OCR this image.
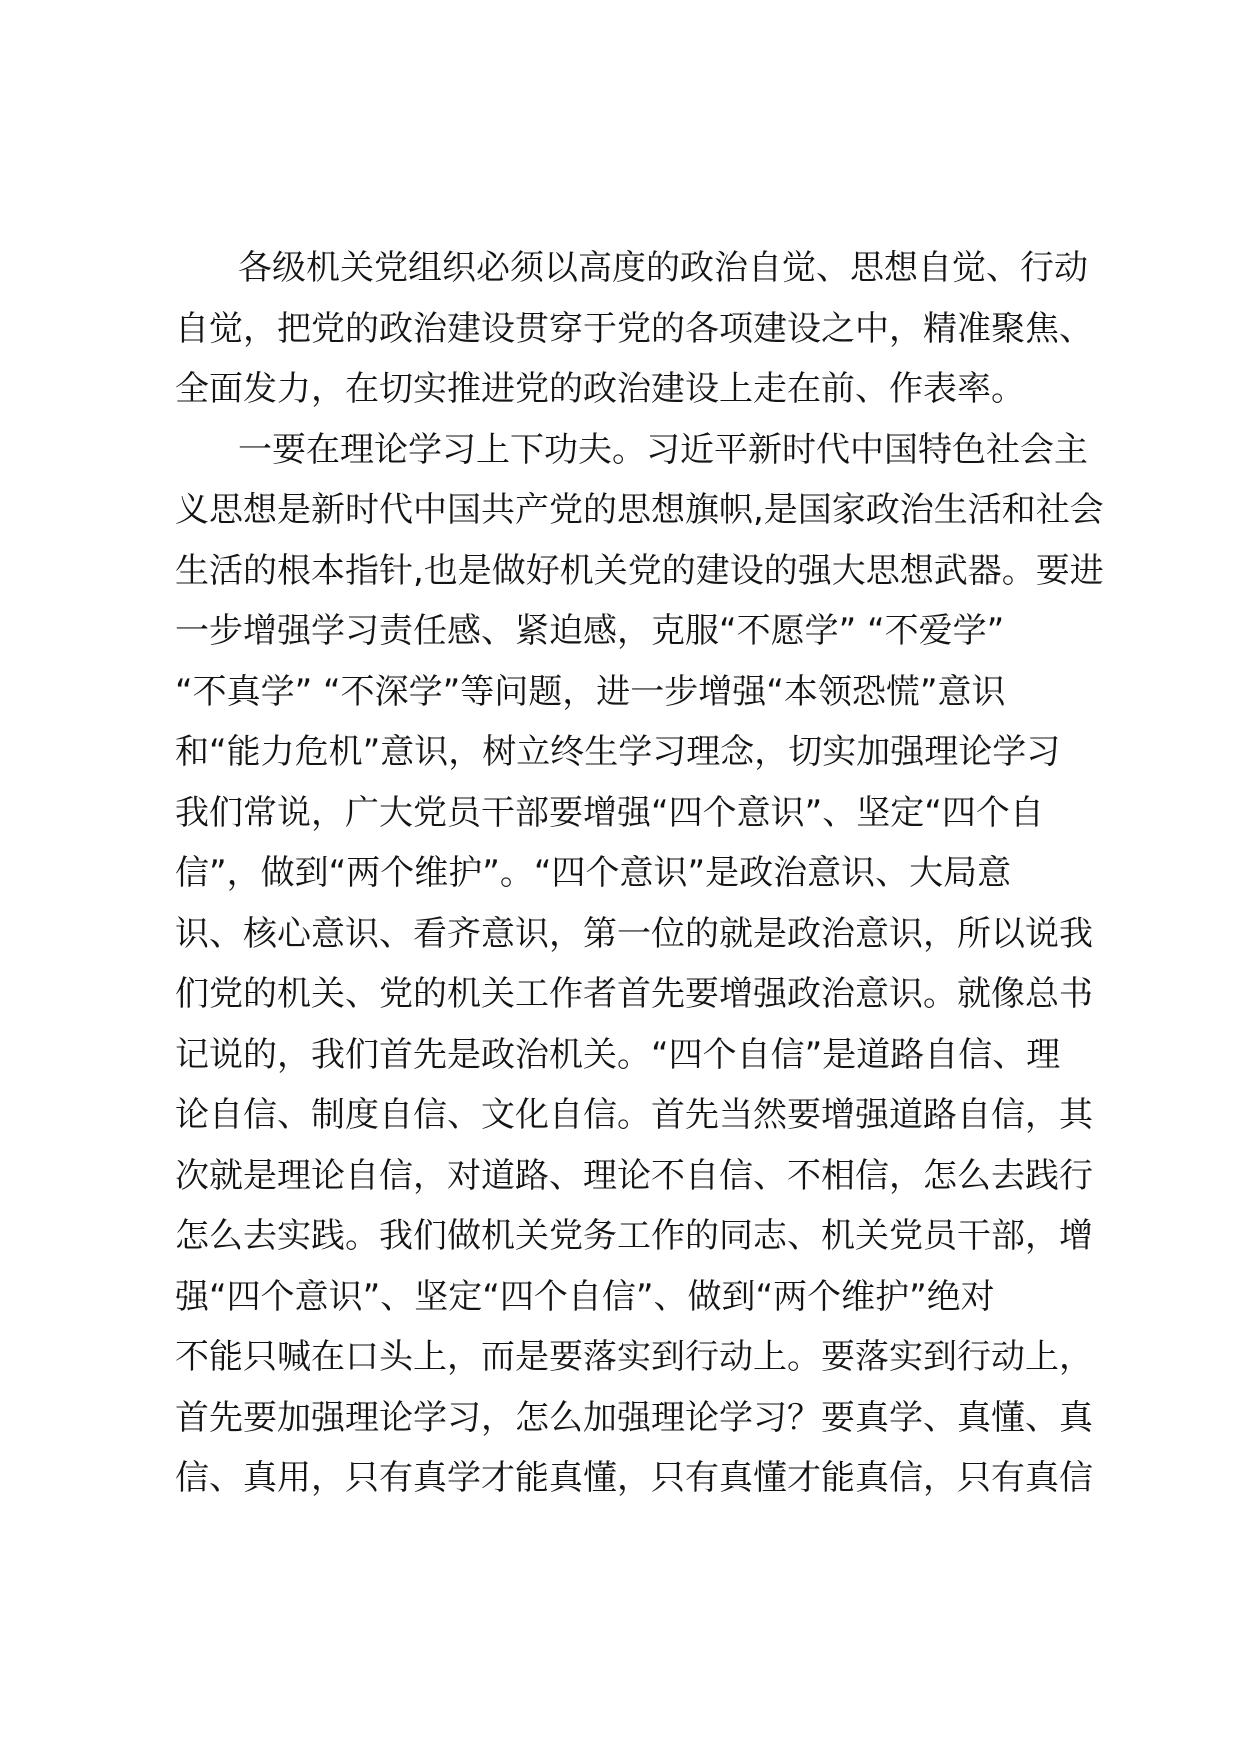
各级机关党组织必须以高度的政治自觉、思想自觉、行动
自觉，把党的政治建设贯穿于党的各项建设之中，精准聚焦、
全面发力，在切实推进党的政治建设上走在前、作表率。
一要在理论学习上下功夫。习近平新时代中国特色社会主
义思想是新时代中国共产党的思想旗帜,是国家政治生活和社会
生活的根本指针,也是做好机关党的建设的强大思想武器。要进
一步增强学习责任感、紧迫感，克服“不愿学” “不爱学”
“不真学” “不深学”等问题，进一步增强“本领恐慌”意识
和“能力危机”意识，树立终生学习理念，切实加强理论学习
我们常说，广大党员干部要增强“四个意识”、坚定“四个自
信”，做到“两个维护”。“四个意识”是政治意识、大局意
识、核心意识、看齐意识，第一位的就是政治意识，所以说我
们党的机关、党的机关工作者首先要增强政治意识。就像总书
记说的，我们首先是政治机关。“四个自信”是道路自信、理
论自信、制度自信、文化自信。首先当然要增强道路自信，其
次就是理论自信，对道路、理论不自信、不相信，怎么去践行
怎么去实践。我们做机关党务工作的同志、机关党员干部，增
强“四个意识”、坚定“四个自信”、做到“两个维护”绝对
不能只喊在口头上，而是要落实到行动上。要落实到行动上，
首先要加强理论学习，怎么加强理论学习？要真学、真懂、真
信、真用，只有真学才能真懂，只有真懂才能真信，只有真信
